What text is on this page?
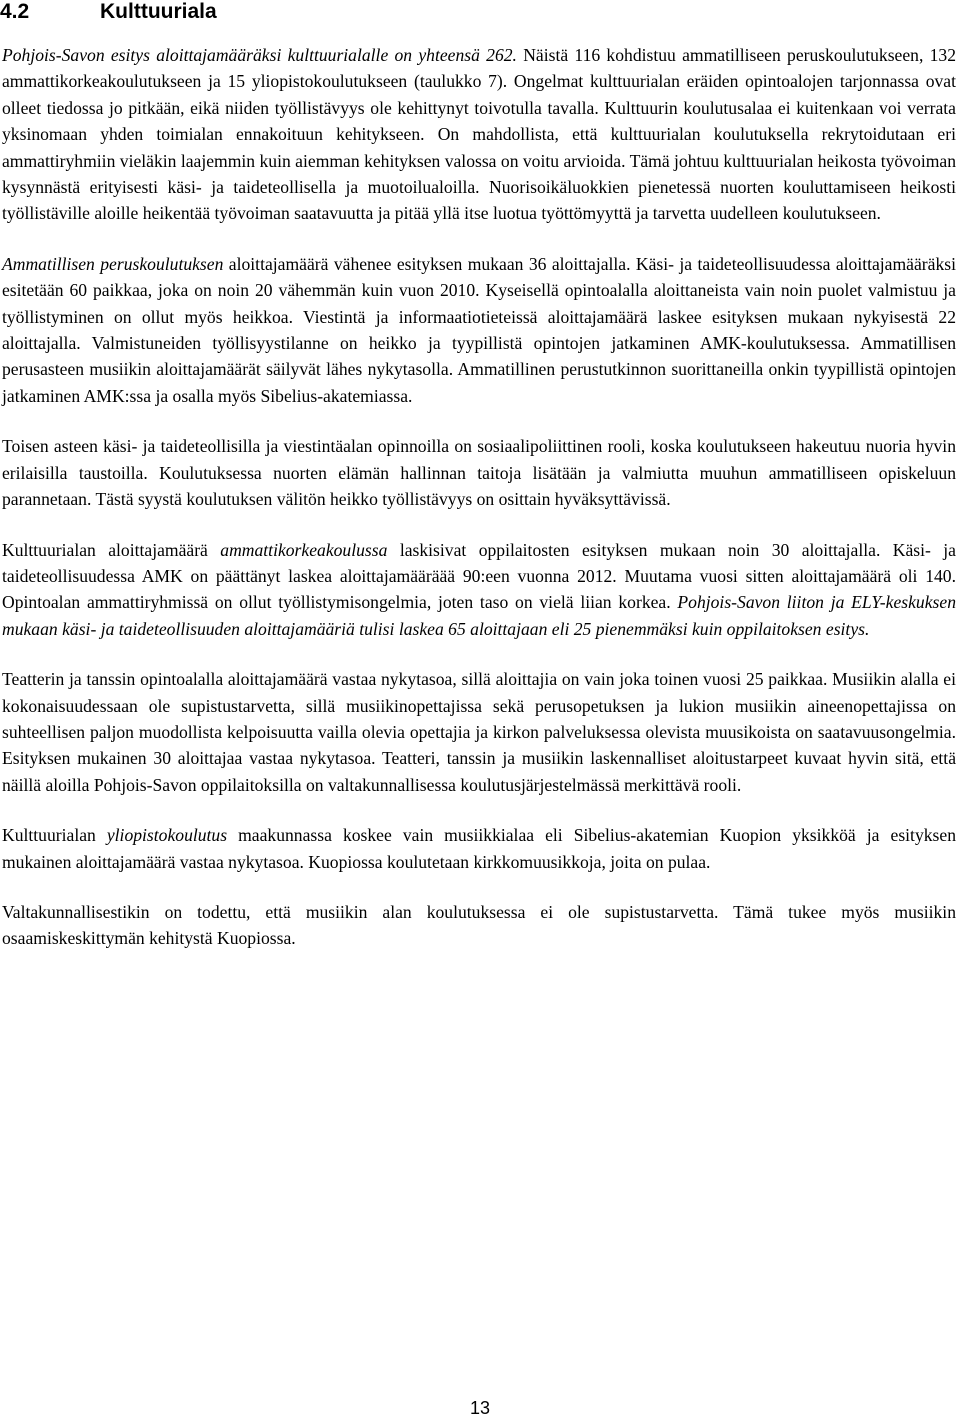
4.2	Kulttuuriala

Pohjois-Savon esitys aloittajamääräksi kulttuurialalle on yhteensä 262. Näistä 116 kohdistuu ammatilliseen peruskoulutukseen, 132 ammattikorkeakoulutukseen ja 15 yliopistokoulutukseen (taulukko 7). Ongelmat kulttuurialan eräiden opintoalojen tarjonnassa ovat olleet tiedossa jo pitkään, eikä niiden työllistävyys ole kehittynyt toivotulla tavalla. Kulttuurin koulutusalaa ei kuitenkaan voi verrata yksinomaan yhden toimialan ennakoituun kehitykseen. On mahdollista, että kulttuurialan koulutuksella rekrytoidutaan eri ammattiryhmiin vieläkin laajemmin kuin aiemman kehityksen valossa on voitu arvioida. Tämä johtuu kulttuurialan heikosta työvoiman kysynnästä erityisesti käsi- ja taideteollisella ja muotoilualoilla. Nuorisoikäluokkien pienetessä nuorten kouluttamiseen heikosti työllistäville aloille heikentää työvoiman saatavuutta ja pitää yllä itse luotua työttömyyttä ja tarvetta uudelleen koulutukseen.

Ammatillisen peruskoulutuksen aloittajamäärä vähenee esityksen mukaan 36 aloittajalla. Käsi- ja taideteollisuudessa aloittajamääräksi esitetään 60 paikkaa, joka on noin 20 vähemmän kuin vuon 2010. Kyseisellä opintoalalla aloittaneista vain noin puolet valmistuu ja työllistyminen on ollut myös heikkoa. Viestintä ja informaatiotieteissä aloittajamäärä laskee esityksen mukaan nykyisestä 22 aloittajalla. Valmistuneiden työllisyystilanne on heikko ja tyypillistä opintojen jatkaminen AMK-koulutuksessa. Ammatillisen perusasteen musiikin aloittajamäärät säilyvät lähes nykytasolla. Ammatillinen perustutkinnon suorittaneilla onkin tyypillistä opintojen jatkaminen AMK:ssa ja osalla myös Sibelius-akatemiassa.

Toisen asteen käsi- ja taideteollisilla ja viestintäalan opinnoilla on sosiaalipoliittinen rooli, koska koulutukseen hakeutuu nuoria hyvin erilaisilla taustoilla. Koulutuksessa nuorten elämän hallinnan taitoja lisätään ja valmiutta muuhun ammatilliseen opiskeluun parannetaan. Tästä syystä koulutuksen välitön heikko työllistävyys on osittain hyväksyttävissä.

Kulttuurialan aloittajamäärä ammattikorkeakoulussa laskisivat oppilaitosten esityksen mukaan noin 30 aloittajalla. Käsi- ja taideteollisuudessa AMK on päättänyt laskea aloittajamääräää 90:een vuonna 2012. Muutama vuosi sitten aloittajamäärä oli 140. Opintoalan ammattiryhmissä on ollut työllistymisongelmia, joten taso on vielä liian korkea. Pohjois-Savon liiton ja ELY-keskuksen mukaan käsi- ja taideteollisuuden aloittajamääriä tulisi laskea 65 aloittajaan eli 25 pienemmäksi kuin oppilaitoksen esitys.

Teatterin ja tanssin opintoalalla aloittajamäärä vastaa nykytasoa, sillä aloittajia on vain joka toinen vuosi 25 paikkaa. Musiikin alalla ei kokonaisuudessaan ole supistustarvetta, sillä musiikinopettajissa sekä perusopetuksen ja lukion musiikin aineenopettajissa on suhteellisen paljon muodollista kelpoisuutta vailla olevia opettajia ja kirkon palveluksessa olevista muusikoista on saatavuusongelmia. Esityksen mukainen 30 aloittajaa vastaa nykytasoa. Teatteri, tanssin ja musiikin laskennalliset aloitustarpeet kuvaat hyvin sitä, että näillä aloilla Pohjois-Savon oppilaitoksilla on valtakunnallisessa koulutusjärjestelmässä merkittävä rooli.

Kulttuurialan yliopistokoulutus maakunnassa koskee vain musiikkialaa eli Sibelius-akatemian Kuopion yksikköä ja esityksen mukainen aloittajamäärä vastaa nykytasoa. Kuopiossa koulutetaan kirkkomuusikkoja, joita on pulaa.

Valtakunnallisestikin on todettu, että musiikin alan koulutuksessa ei ole supistustarvetta. Tämä tukee myös musiikin osaamiskeskittymän kehitystä Kuopiossa.

13
